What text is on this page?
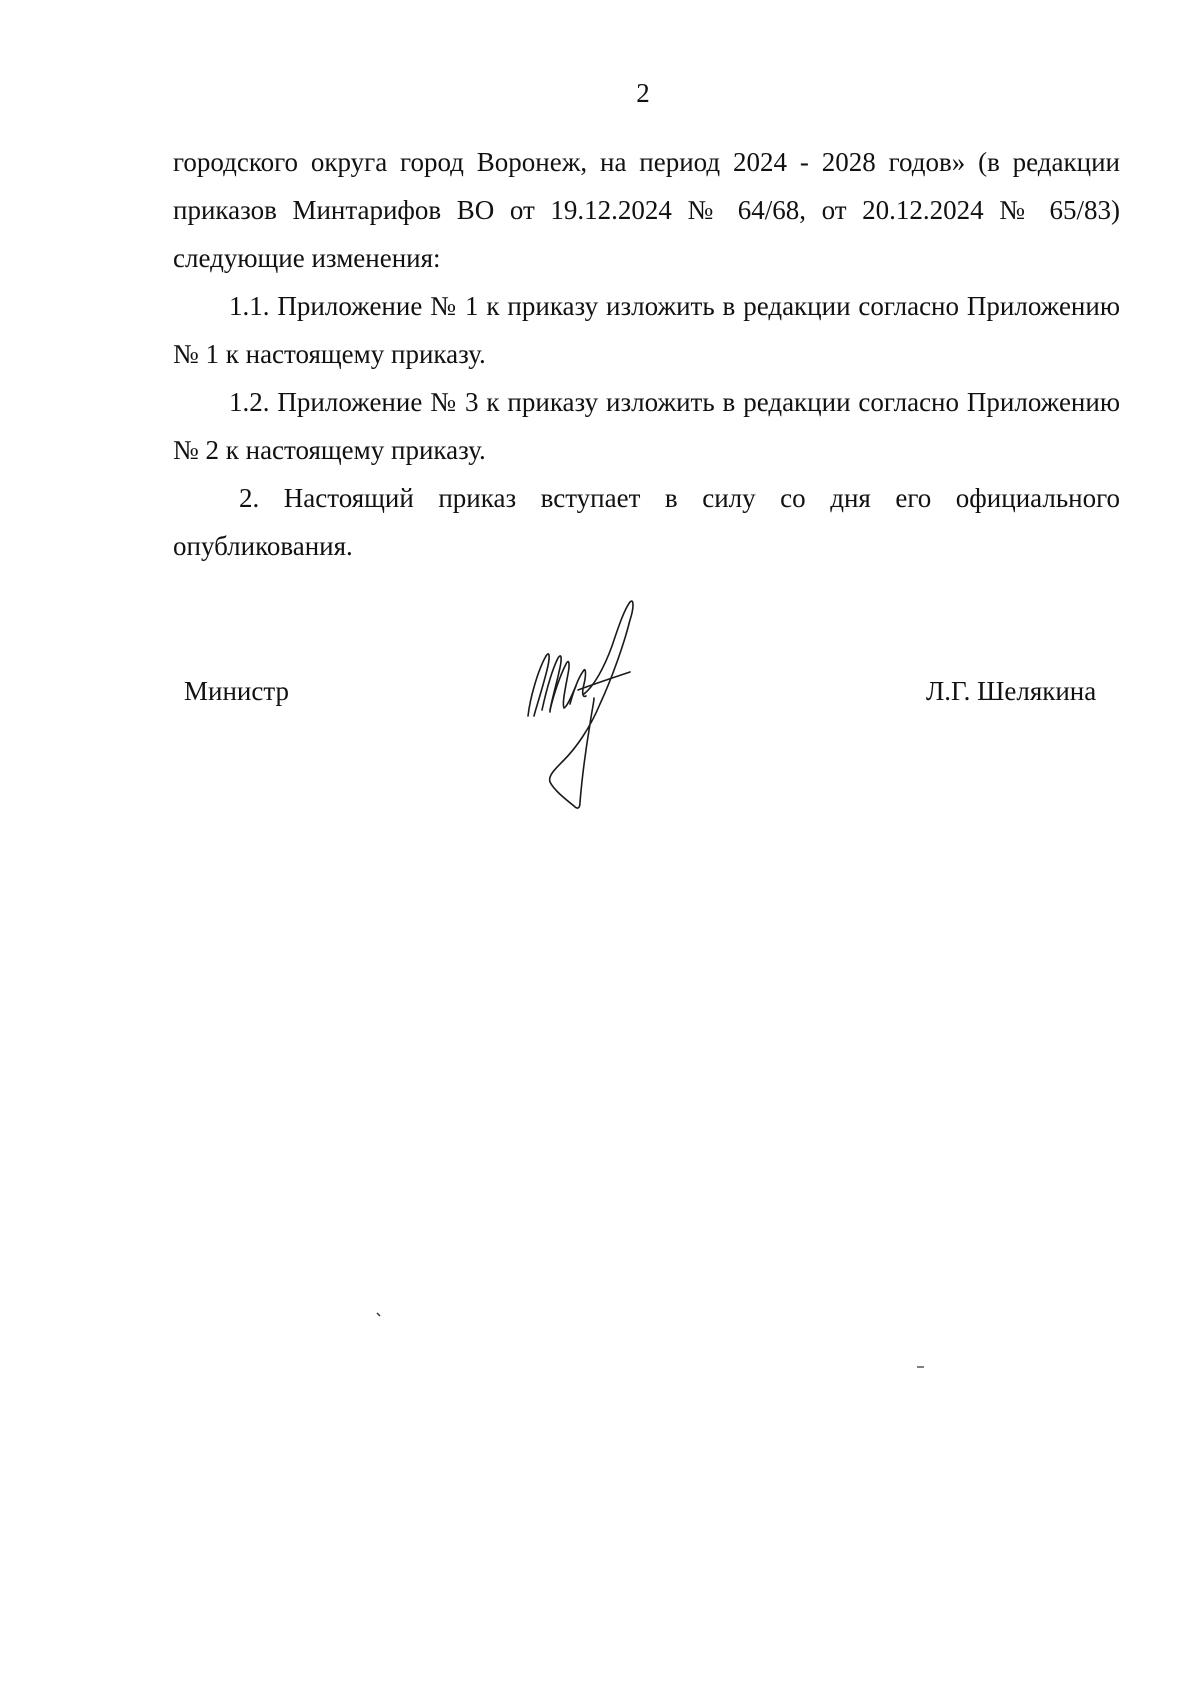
2

городского округа город Воронеж, на период 2024 - 2028 годов» (в редакции приказов Минтарифов ВО от 19.12.2024 № 64/68, от 20.12.2024 № 65/83) следующие изменения:

1.1. Приложение № 1 к приказу изложить в редакции согласно Приложению № 1 к настоящему приказу.

1.2. Приложение № 3 к приказу изложить в редакции согласно Приложению № 2 к настоящему приказу.

2. Настоящий приказ вступает в силу со дня его официального опубликования.

Министр	Л.Г. Шелякина
